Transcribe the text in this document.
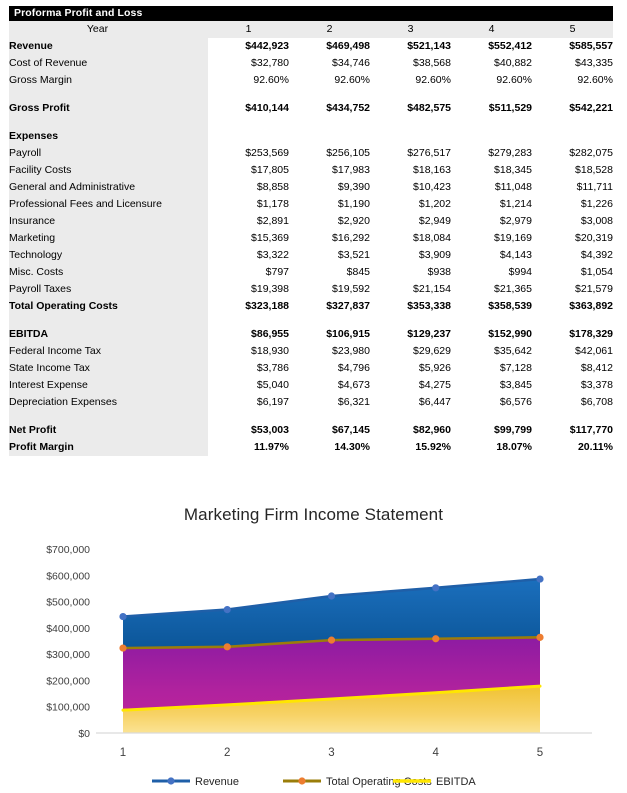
Proforma Profit and Loss
Year	1	2	3	4	5
Revenue	$442,923	$469,498	$521,143	$552,412	$585,557
Cost of Revenue	$32,780	$34,746	$38,568	$40,882	$43,335
Gross Margin	92.60%	92.60%	92.60%	92.60%	92.60%

Gross Profit	$410,144	$434,752	$482,575	$511,529	$542,221

Expenses					
Payroll	$253,569	$256,105	$276,517	$279,283	$282,075
Facility Costs	$17,805	$17,983	$18,163	$18,345	$18,528
General and Administrative	$8,858	$9,390	$10,423	$11,048	$11,711
Professional Fees and Licensure	$1,178	$1,190	$1,202	$1,214	$1,226
Insurance	$2,891	$2,920	$2,949	$2,979	$3,008
Marketing	$15,369	$16,292	$18,084	$19,169	$20,319
Technology	$3,322	$3,521	$3,909	$4,143	$4,392
Misc. Costs	$797	$845	$938	$994	$1,054
Payroll Taxes	$19,398	$19,592	$21,154	$21,365	$21,579
Total Operating Costs	$323,188	$327,837	$353,338	$358,539	$363,892

EBITDA	$86,955	$106,915	$129,237	$152,990	$178,329
Federal Income Tax	$18,930	$23,980	$29,629	$35,642	$42,061
State Income Tax	$3,786	$4,796	$5,926	$7,128	$8,412
Interest Expense	$5,040	$4,673	$4,275	$3,845	$3,378
Depreciation Expenses	$6,197	$6,321	$6,447	$6,576	$6,708

Net Profit	$53,003	$67,145	$82,960	$99,799	$117,770
Profit Margin	11.97%	14.30%	15.92%	18.07%	20.11%
Marketing Firm Income Statement
$0
$100,000
$200,000
$300,000
$400,000
$500,000
$600,000
$700,000
1	2	3	4	5
Revenue	Total Operating Costs EBITDA
